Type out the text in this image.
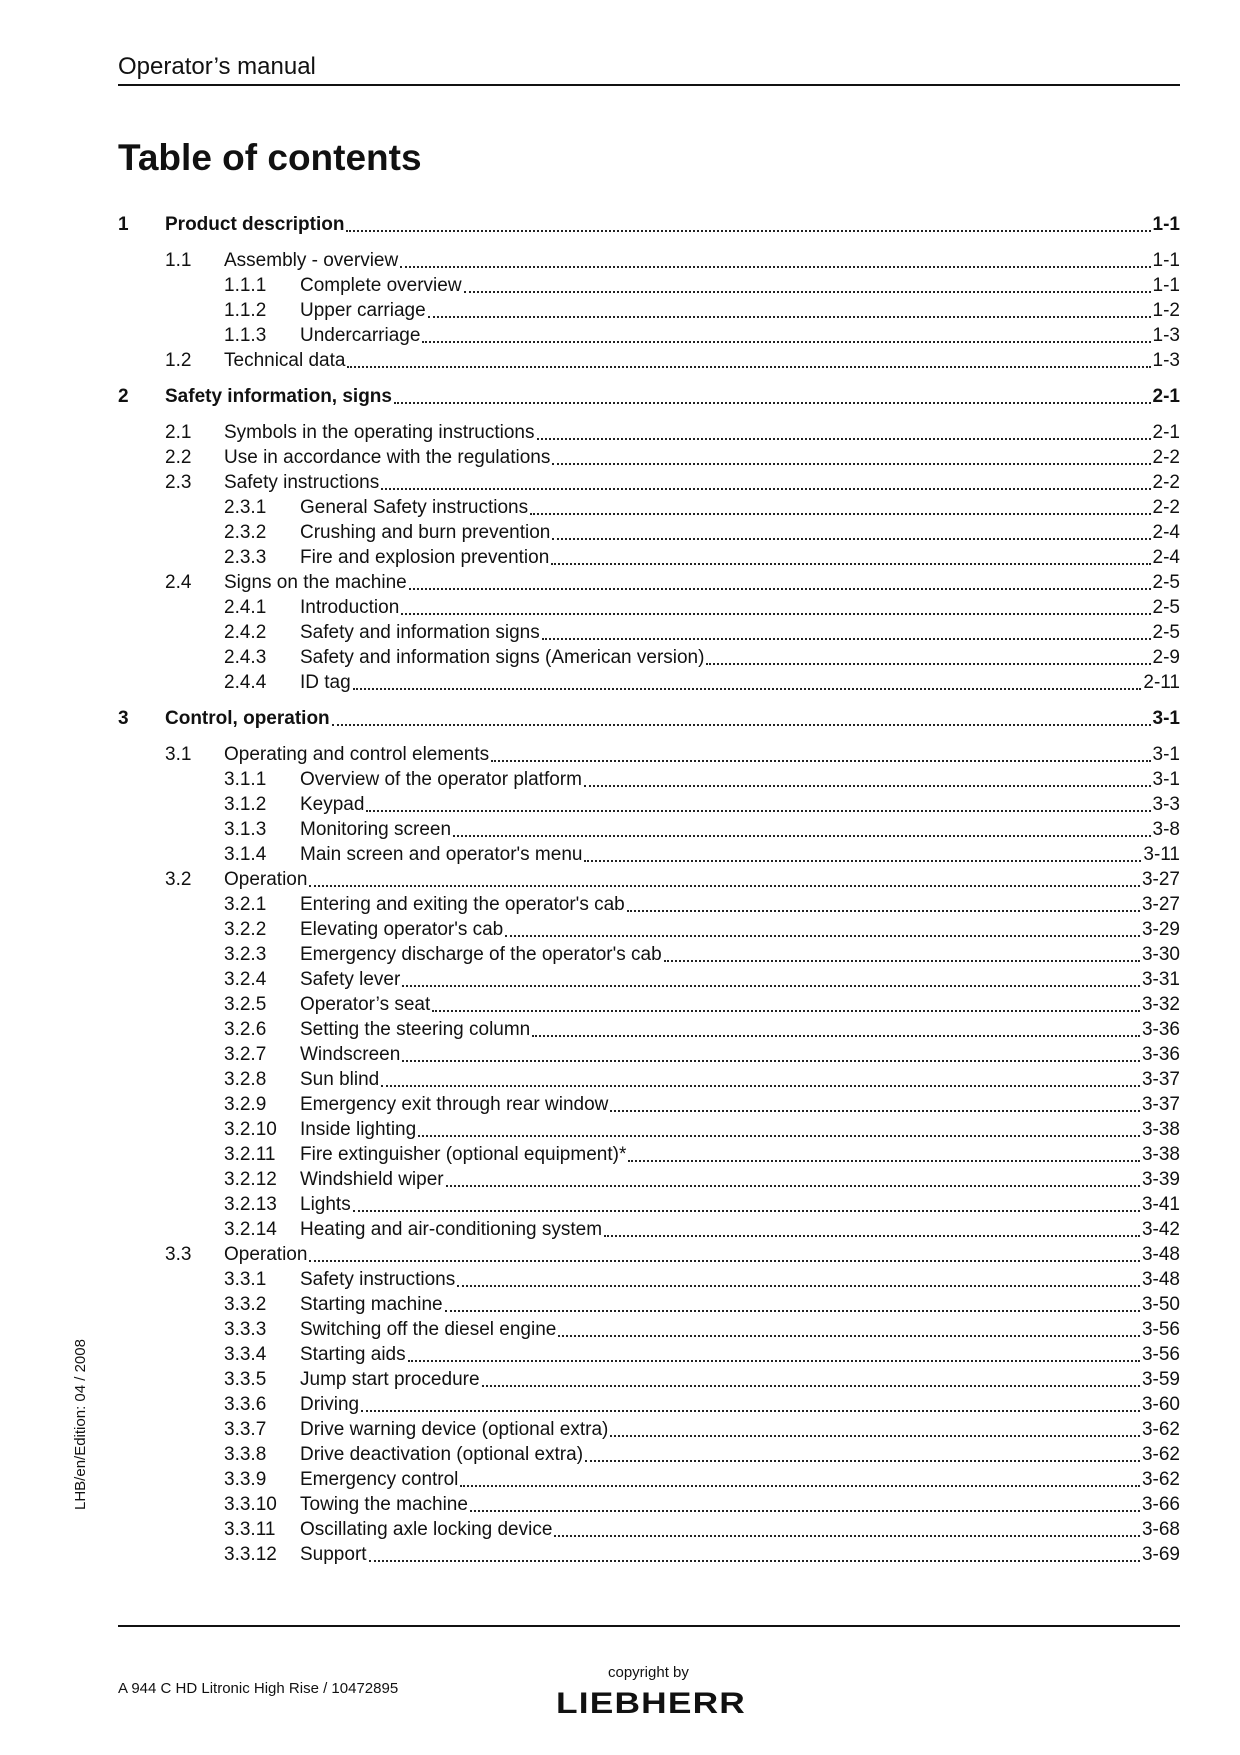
Operator’s manual
Table of contents
1	Product description	1-1
1.1	Assembly - overview	1-1
1.1.1	Complete overview	1-1
1.1.2	Upper carriage	1-2
1.1.3	Undercarriage	1-3
1.2	Technical data	1-3
2	Safety information, signs	2-1
2.1	Symbols in the operating instructions	2-1
2.2	Use in accordance with the regulations	2-2
2.3	Safety instructions	2-2
2.3.1	General Safety instructions	2-2
2.3.2	Crushing and burn prevention	2-4
2.3.3	Fire and explosion prevention	2-4
2.4	Signs on the machine	2-5
2.4.1	Introduction	2-5
2.4.2	Safety and information signs	2-5
2.4.3	Safety and information signs (American version)	2-9
2.4.4	ID tag	2-11
3	Control, operation	3-1
3.1	Operating and control elements	3-1
3.1.1	Overview of the operator platform	3-1
3.1.2	Keypad	3-3
3.1.3	Monitoring screen	3-8
3.1.4	Main screen and operator's menu	3-11
3.2	Operation	3-27
3.2.1	Entering and exiting the operator's cab	3-27
3.2.2	Elevating operator's cab	3-29
3.2.3	Emergency discharge of the operator's cab	3-30
3.2.4	Safety lever	3-31
3.2.5	Operator’s seat	3-32
3.2.6	Setting the steering column	3-36
3.2.7	Windscreen	3-36
3.2.8	Sun blind	3-37
3.2.9	Emergency exit through rear window	3-37
3.2.10	Inside lighting	3-38
3.2.11	Fire extinguisher (optional equipment)*	3-38
3.2.12	Windshield wiper	3-39
3.2.13	Lights	3-41
3.2.14	Heating and air-conditioning system	3-42
3.3	Operation	3-48
3.3.1	Safety instructions	3-48
3.3.2	Starting machine	3-50
3.3.3	Switching off the diesel engine	3-56
3.3.4	Starting aids	3-56
3.3.5	Jump start procedure	3-59
3.3.6	Driving	3-60
3.3.7	Drive warning device (optional extra)	3-62
3.3.8	Drive deactivation (optional extra)	3-62
3.3.9	Emergency control	3-62
3.3.10	Towing the machine	3-66
3.3.11	Oscillating axle locking device	3-68
3.3.12	Support	3-69
LHB/en/Edition: 04 / 2008
A 944 C HD Litronic High Rise / 10472895
copyright by
LIEBHERR
